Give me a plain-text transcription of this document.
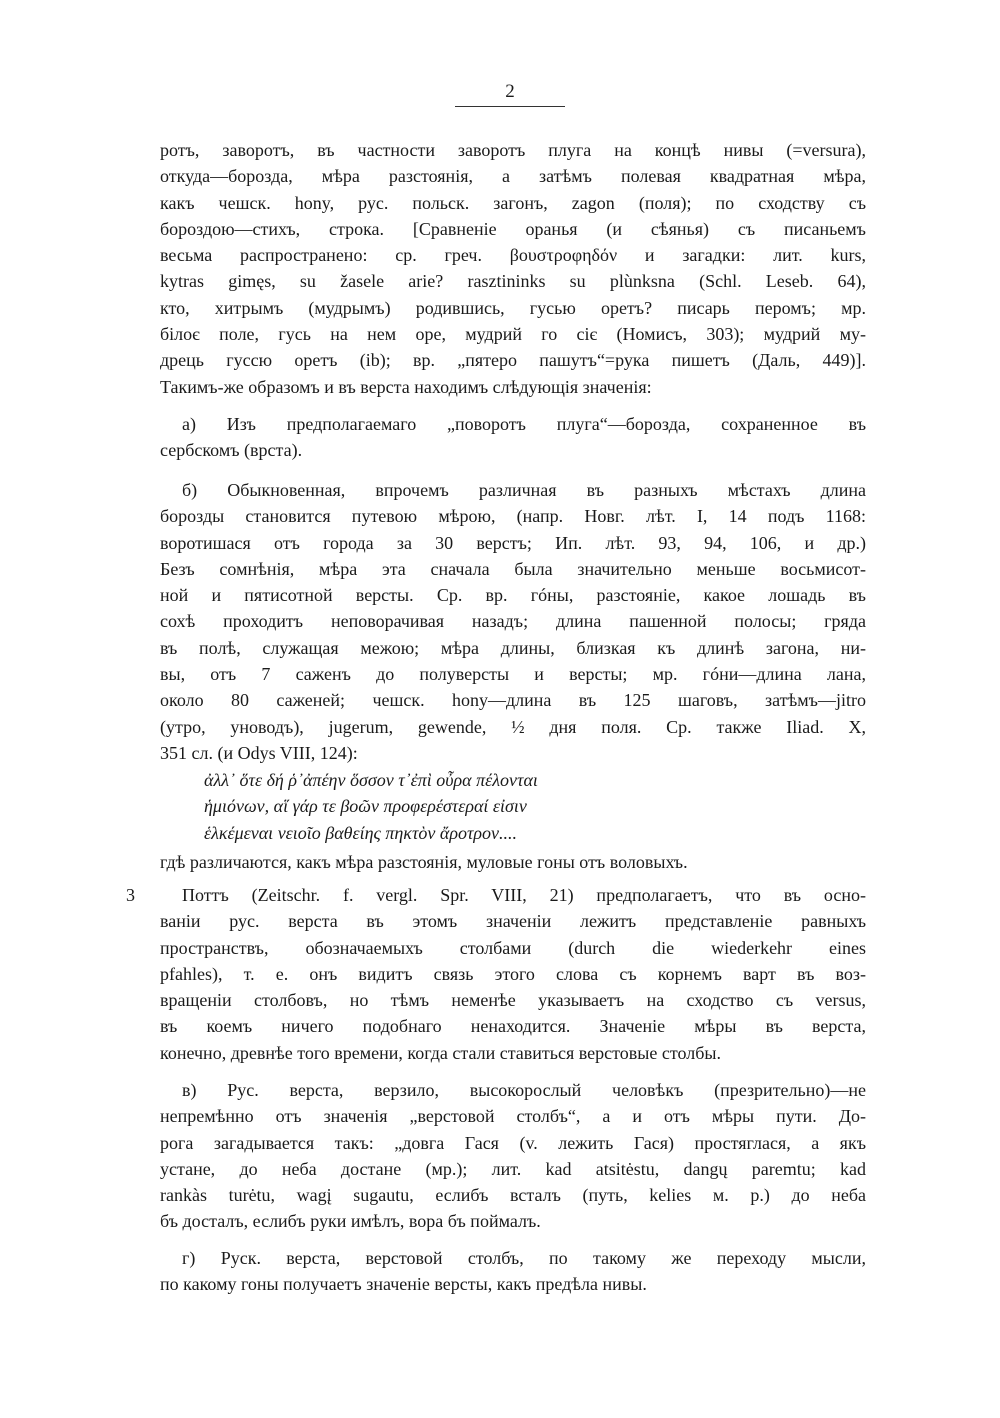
2
3
ротъ, заворотъ, въ частности заворотъ плуга на концѣ нивы (=versura),
откуда—борозда, мѣра разстоянія, а затѣмъ полевая квадратная мѣра,
какъ чешск. hony, рус. польск. загонъ, zagon (поля); по сходству съ
бороздою—стихъ, строка. [Сравненіе оранья (и сѣянья) съ писаньемъ
весьма распространено: ср. греч. βουστροφηδόν и загадки: лит. kurs,
kytras gimęs, su žasele arie? rasztininks su plùnksna (Schl. Leseb. 64),
кто, хитрымъ (мудрымъ) родившись, гусью оретъ? писарь перомъ; мр.
білоє поле, гусь на нем оре, мудрий го сіє (Номисъ, 303); мудрий му-
дрець гуссю оретъ (ib); вр. „пятеро пашутъ“=рука пишетъ (Даль, 449)].
Такимъ-же образомъ и въ верста находимъ слѣдующія значенія:
а) Изъ предполагаемаго „поворотъ плуга“—борозда, сохраненное въ
сербскомъ (врста).
б) Обыкновенная, впрочемъ различная въ разныхъ мѣстахъ длина
борозды становится путевою мѣрою, (напр. Новг. лѣт. I, 14 подъ 1168:
воротишася отъ города за 30 верстъ; Ип. лѣт. 93, 94, 106, и др.)
Безъ сомнѣнія, мѣра эта сначала была значительно меньше восьмисот-
ной и пятисотной версты. Ср. вр. гóны, разстояніе, какое лошадь въ
сохѣ проходитъ неповорачивая назадъ; длина пашенной полосы; гряда
въ полѣ, служащая межою; мѣра длины, близкая къ длинѣ загона, ни-
вы, отъ 7 саженъ до полуверсты и версты; мр. гóни—длина лана,
около 80 саженей; чешск. hony—длина въ 125 шаговъ, затѣмъ—jitro
(утро, уноводъ), jugerum, gewende, ½ дня поля. Ср. также Iliad. X,
351 сл. (и Odys VIII, 124):
ἀλλ᾽ ὅτε δή ῥ᾽ἀπέην ὅσσον τ᾽ἐπὶ οὖρα πέλονται
ἡμιόνων, αἵ γάρ τε βοῶν προφερέστεραί εἰσιν
ἑλκέμεναι νειοῖο βαθείης πηκτὸν ἄροτρον....
гдѣ различаются, какъ мѣра разстоянія, муловые гоны отъ воловыхъ.
Поттъ (Zeitschr. f. vergl. Spr. VIII, 21) предполагаетъ, что въ осно-
ваніи рус. верста въ этомъ значеніи лежитъ представленіе равныхъ
пространствъ, обозначаемыхъ столбами (durch die wiederkehr eines
pfahles), т. е. онъ видитъ связь этого слова съ корнемъ варт въ воз-
вращеніи столбовъ, но тѣмъ неменѣе указываетъ на сходство съ versus,
въ коемъ ничего подобнаго ненаходится. Значеніе мѣры въ верста,
конечно, древнѣе того времени, когда стали ставиться верстовые столбы.
в) Рус. верста, верзило, высокорослый человѣкъ (презрительно)—не
непремѣнно отъ значенія „верстовой столбъ“, а и отъ мѣры пути. До-
рога загадывается такъ: „довга Гася (v. лежить Гася) простяглася, а якъ
устане, до неба достане (мр.); лит. kad atsitėstu, dangų paremtu; kad
rankàs turėtu, wagį sugautu, еслибъ всталъ (путь, kelies м. р.) до неба
бъ досталъ, еслибъ руки имѣлъ, вора бъ поймалъ.
г) Руск. верста, верстовой столбъ, по такому же переходу мысли,
по какому гоны получаетъ значеніе версты, какъ предѣла нивы.
